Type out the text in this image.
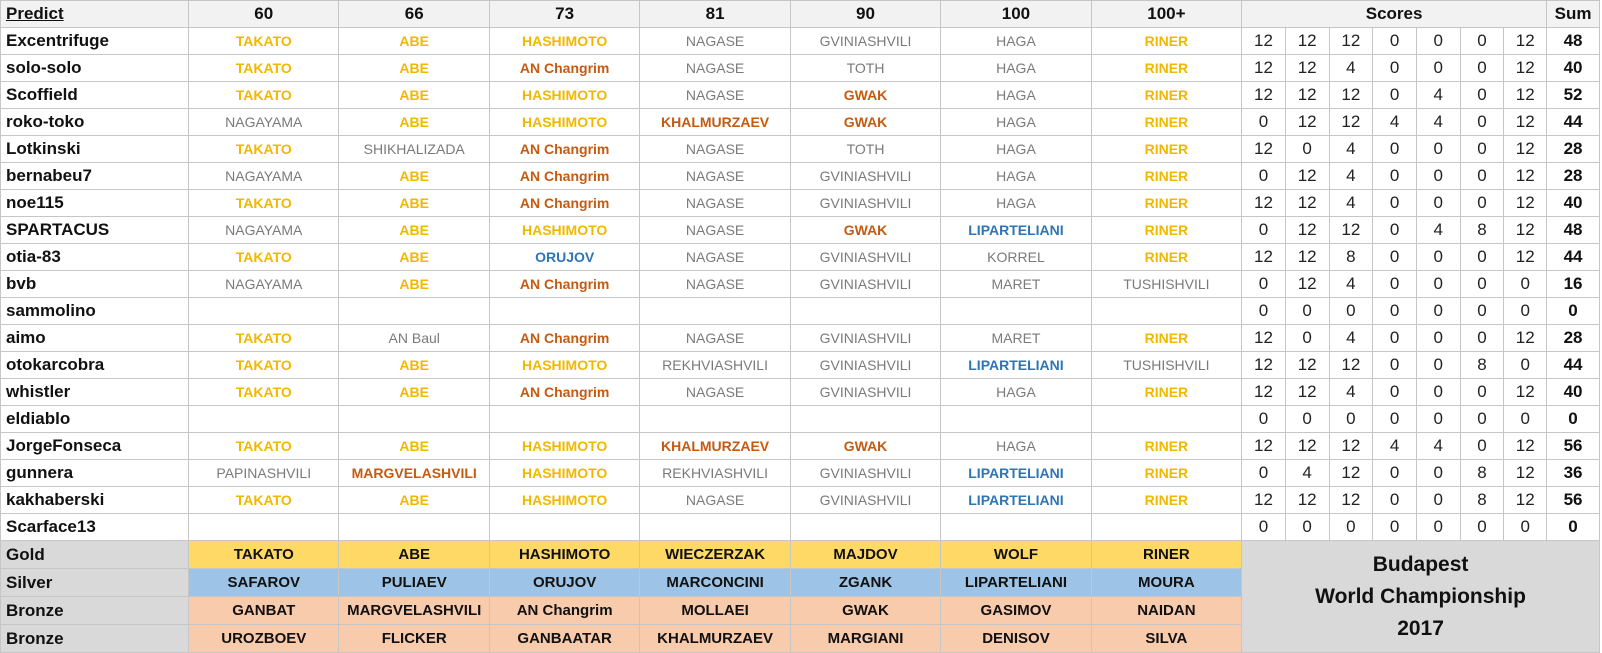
Predict	60	66	73	81	90	100	100+	Scores							Sum
Excentrifuge	TAKATO	ABE	HASHIMOTO	NAGASE	GVINIASHVILI	HAGA	RINER	12	12	12	0	0	0	12	48
solo-solo	TAKATO	ABE	AN Changrim	NAGASE	TOTH	HAGA	RINER	12	12	4	0	0	0	12	40
Scoffield	TAKATO	ABE	HASHIMOTO	NAGASE	GWAK	HAGA	RINER	12	12	12	0	4	0	12	52
roko-toko	NAGAYAMA	ABE	HASHIMOTO	KHALMURZAEV	GWAK	HAGA	RINER	0	12	12	4	4	0	12	44
Lotkinski	TAKATO	SHIKHALIZADA	AN Changrim	NAGASE	TOTH	HAGA	RINER	12	0	4	0	0	0	12	28
bernabeu7	NAGAYAMA	ABE	AN Changrim	NAGASE	GVINIASHVILI	HAGA	RINER	0	12	4	0	0	0	12	28
noe115	TAKATO	ABE	AN Changrim	NAGASE	GVINIASHVILI	HAGA	RINER	12	12	4	0	0	0	12	40
SPARTACUS	NAGAYAMA	ABE	HASHIMOTO	NAGASE	GWAK	LIPARTELIANI	RINER	0	12	12	0	4	8	12	48
otia-83	TAKATO	ABE	ORUJOV	NAGASE	GVINIASHVILI	KORREL	RINER	12	12	8	0	0	0	12	44
bvb	NAGAYAMA	ABE	AN Changrim	NAGASE	GVINIASHVILI	MARET	TUSHISHVILI	0	12	4	0	0	0	0	16
sammolino								0	0	0	0	0	0	0	0
aimo	TAKATO	AN Baul	AN Changrim	NAGASE	GVINIASHVILI	MARET	RINER	12	0	4	0	0	0	12	28
otokarcobra	TAKATO	ABE	HASHIMOTO	REKHVIASHVILI	GVINIASHVILI	LIPARTELIANI	TUSHISHVILI	12	12	12	0	0	8	0	44
whistler	TAKATO	ABE	AN Changrim	NAGASE	GVINIASHVILI	HAGA	RINER	12	12	4	0	0	0	12	40
eldiablo								0	0	0	0	0	0	0	0
JorgeFonseca	TAKATO	ABE	HASHIMOTO	KHALMURZAEV	GWAK	HAGA	RINER	12	12	12	4	4	0	12	56
gunnera	PAPINASHVILI	MARGVELASHVILI	HASHIMOTO	REKHVIASHVILI	GVINIASHVILI	LIPARTELIANI	RINER	0	4	12	0	0	8	12	36
kakhaberski	TAKATO	ABE	HASHIMOTO	NAGASE	GVINIASHVILI	LIPARTELIANI	RINER	12	12	12	0	0	8	12	56
Scarface13								0	0	0	0	0	0	0	0
Gold	TAKATO	ABE	HASHIMOTO	WIECZERZAK	MAJDOV	WOLF	RINER	Budapest
World Championship
2017							

Silver	SAFAROV	PULIAEV	ORUJOV	MARCONCINI	ZGANK	LIPARTELIANI	MOURA								
Bronze	GANBAT	MARGVELASHVILI	AN Changrim	MOLLAEI	GWAK	GASIMOV	NAIDAN								
Bronze	UROZBOEV	FLICKER	GANBAATAR	KHALMURZAEV	MARGIANI	DENISOV	SILVA								
